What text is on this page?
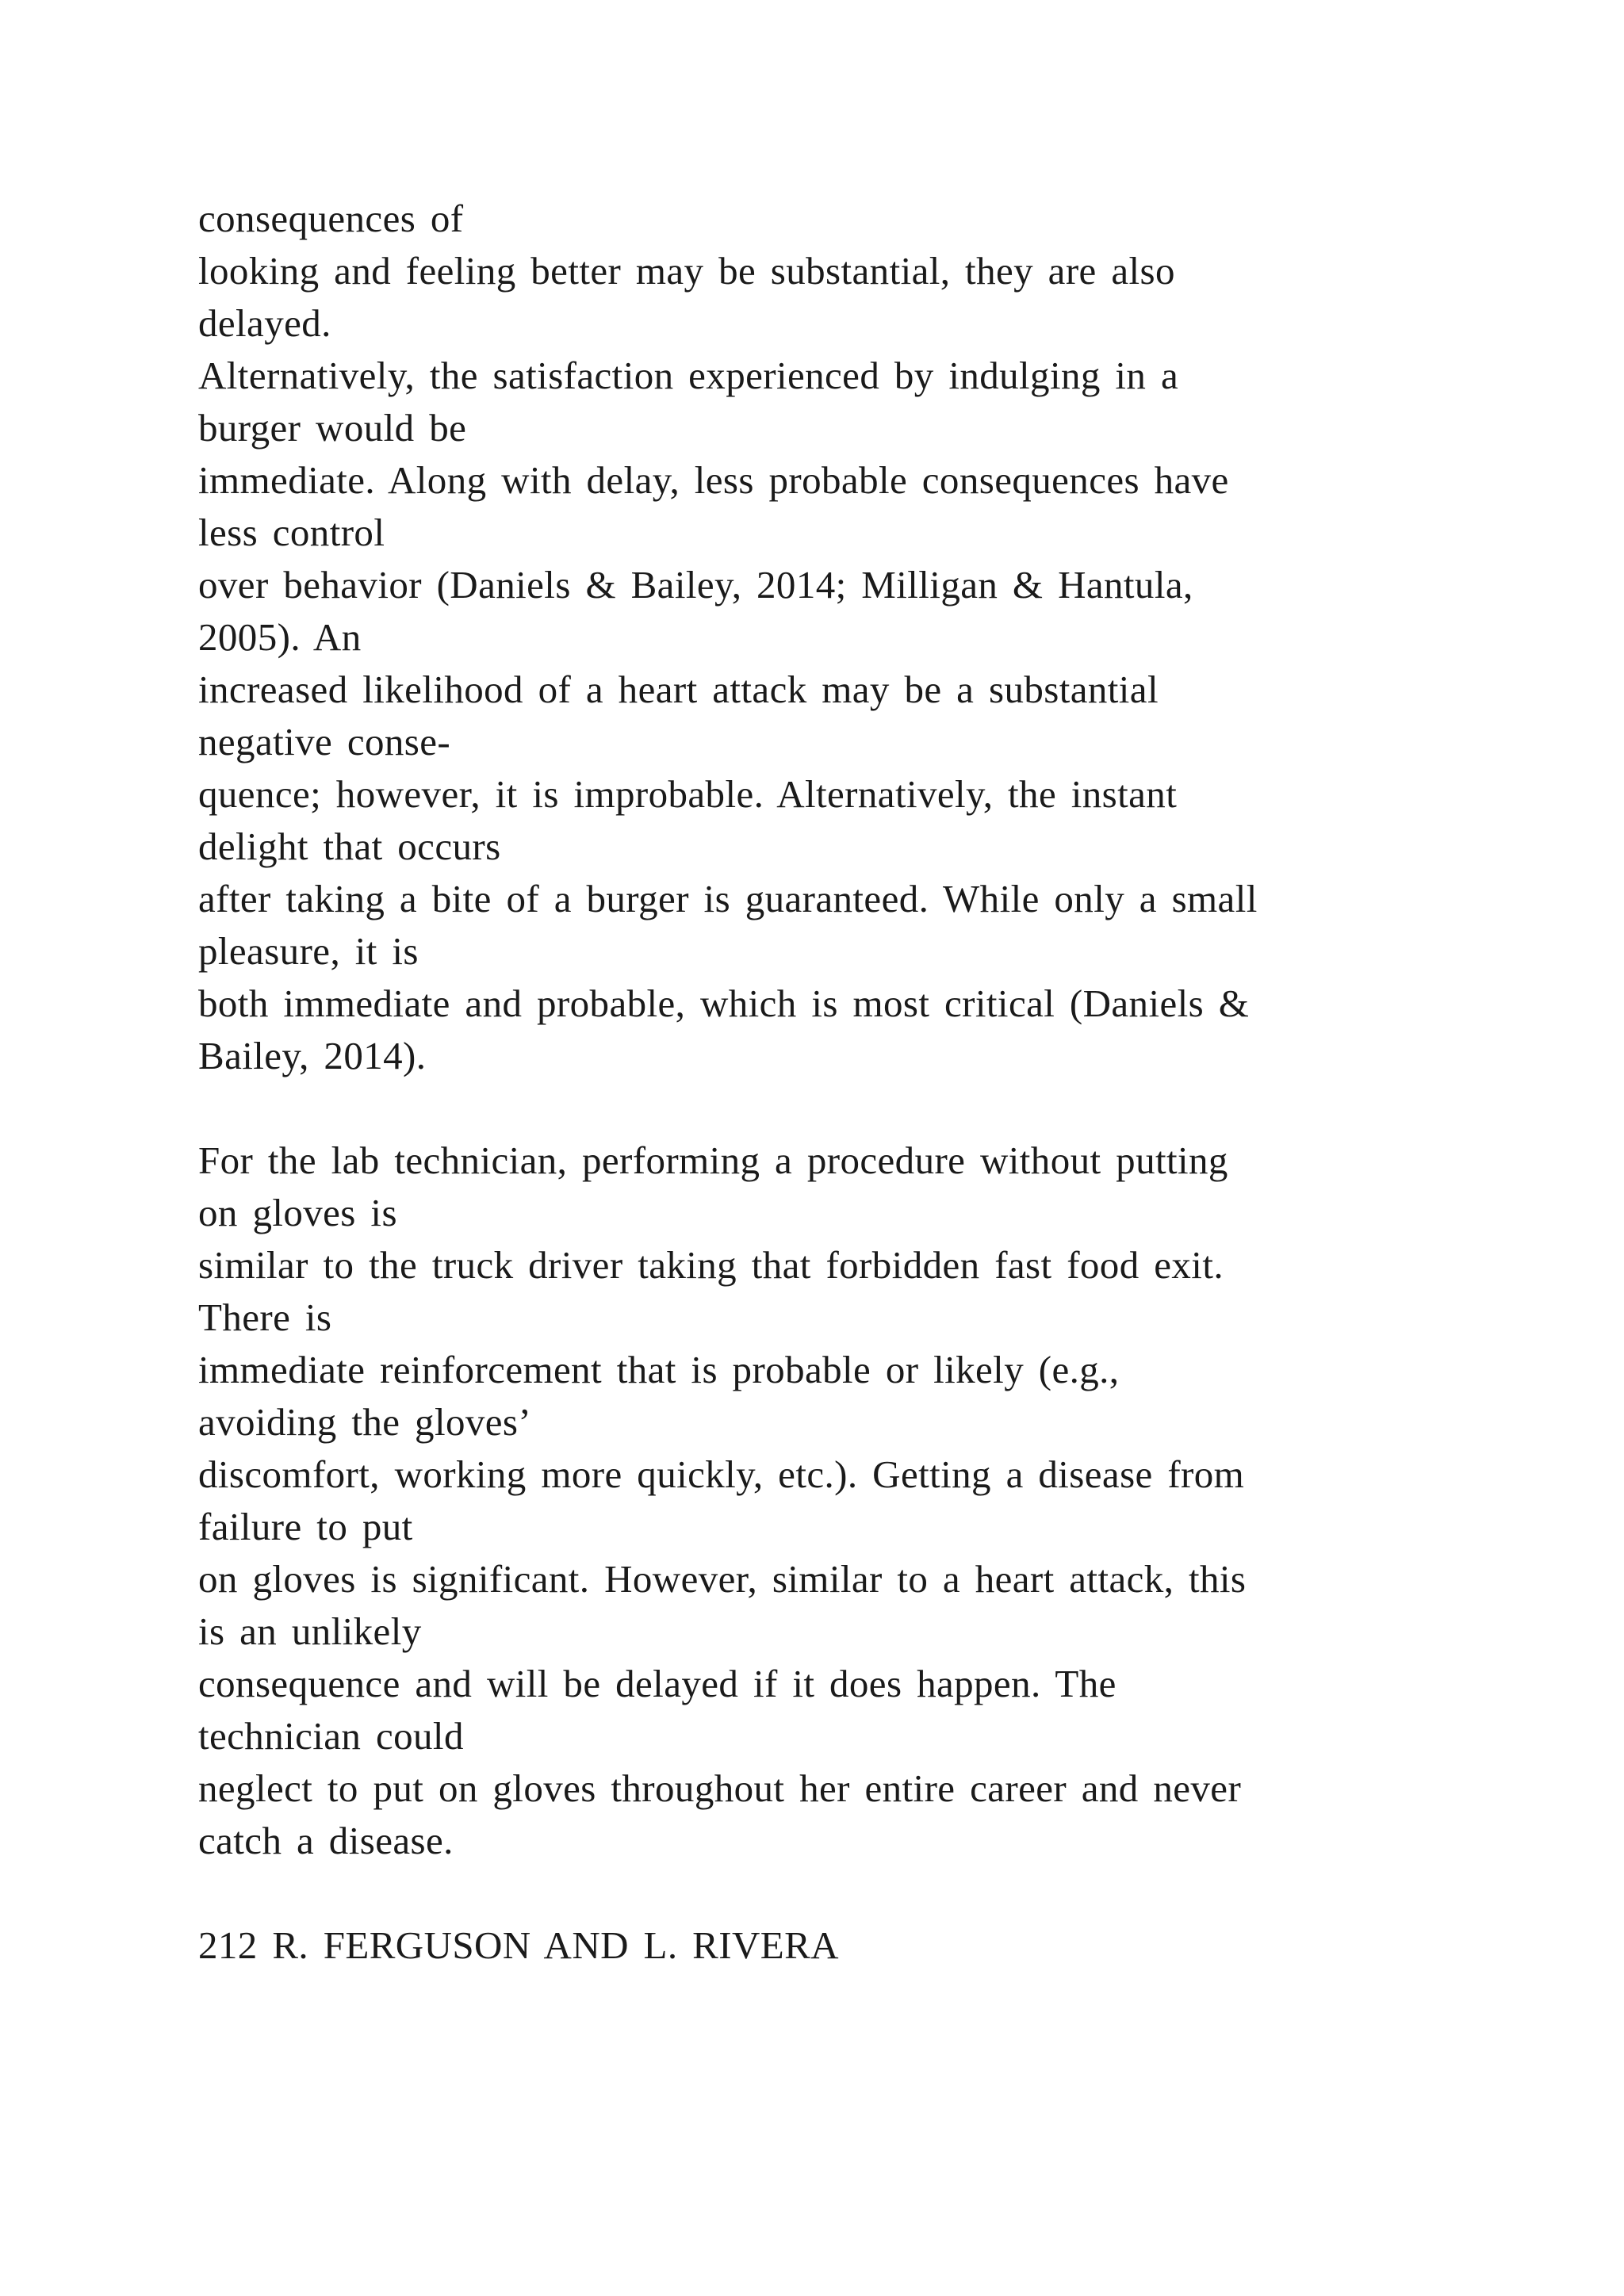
consequences of
looking and feeling better may be substantial, they are also
delayed.
Alternatively, the satisfaction experienced by indulging in a
burger would be
immediate. Along with delay, less probable consequences have
less control
over behavior (Daniels & Bailey, 2014; Milligan & Hantula,
2005). An
increased likelihood of a heart attack may be a substantial
negative conse-
quence; however, it is improbable. Alternatively, the instant
delight that occurs
after taking a bite of a burger is guaranteed. While only a small
pleasure, it is
both immediate and probable, which is most critical (Daniels &
Bailey, 2014).
For the lab technician, performing a procedure without putting
on gloves is
similar to the truck driver taking that forbidden fast food exit.
There is
immediate reinforcement that is probable or likely (e.g.,
avoiding the gloves’
discomfort, working more quickly, etc.). Getting a disease from
failure to put
on gloves is significant. However, similar to a heart attack, this
is an unlikely
consequence and will be delayed if it does happen. The
technician could
neglect to put on gloves throughout her entire career and never
catch a disease.
212 R. FERGUSON AND L. RIVERA
